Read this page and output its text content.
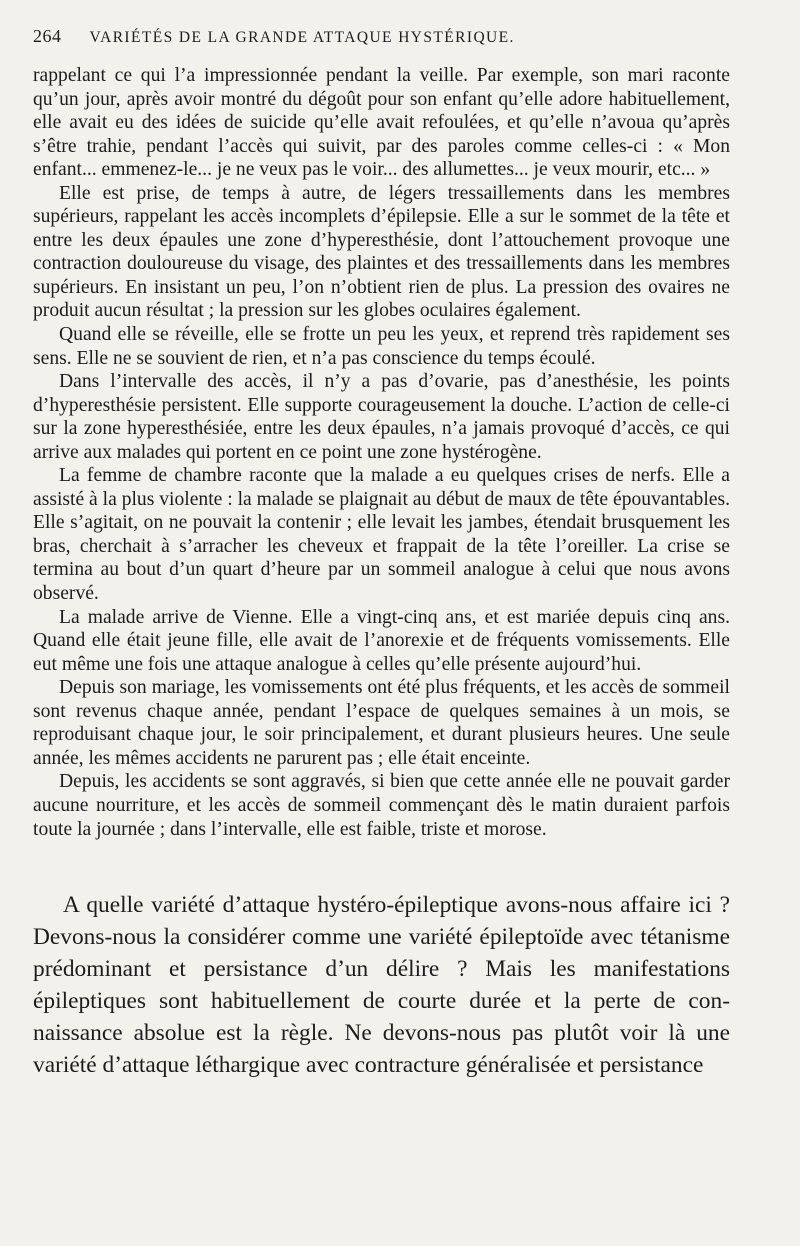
264 VARIÉTÉS DE LA GRANDE ATTAQUE HYSTÉRIQUE.

rappelant ce qui l’a impressionnée pendant la veille. Par exemple, son mari raconte qu’un jour, après avoir montré du dégoût pour son enfant qu’elle adore habituellement, elle avait eu des idées de suicide qu’elle avait refoulées, et qu’elle n’avoua qu’après s’être trahie, pendant l’accès qui suivit, par des paroles comme celles-ci : « Mon enfant... emmenez-le... je ne veux pas le voir... des allumettes... je veux mourir, etc... »

Elle est prise, de temps à autre, de légers tressaillements dans les membres supérieurs, rappelant les accès incomplets d’épilepsie. Elle a sur le sommet de la tête et entre les deux épaules une zone d’hyperesthésie, dont l’attouchement provoque une contraction douloureuse du visage, des plaintes et des tressaillements dans les membres supérieurs. En insistant un peu, l’on n’obtient rien de plus. La pression des ovaires ne produit aucun résultat ; la pression sur les globes oculaires également.

Quand elle se réveille, elle se frotte un peu les yeux, et reprend très rapidement ses sens. Elle ne se souvient de rien, et n’a pas conscience du temps écoulé.

Dans l’intervalle des accès, il n’y a pas d’ovarie, pas d’anesthésie, les points d’hyperesthésie persistent. Elle supporte courageusement la douche. L’action de celle-ci sur la zone hyperesthésiée, entre les deux épaules, n’a jamais provoqué d’accès, ce qui arrive aux malades qui portent en ce point une zone hystérogène.

La femme de chambre raconte que la malade a eu quelques crises de nerfs. Elle a assisté à la plus violente : la malade se plaignait au début de maux de tête épouvantables. Elle s’agitait, on ne pouvait la contenir ; elle levait les jambes, étendait brusquement les bras, cherchait à s’arracher les cheveux et frappait de la tête l’oreiller. La crise se termina au bout d’un quart d’heure par un sommeil analogue à celui que nous avons observé.

La malade arrive de Vienne. Elle a vingt-cinq ans, et est mariée depuis cinq ans. Quand elle était jeune fille, elle avait de l’anorexie et de fréquents vomissements. Elle eut même une fois une attaque analogue à celles qu’elle présente aujourd’hui.

Depuis son mariage, les vomissements ont été plus fréquents, et les accès de sommeil sont revenus chaque année, pendant l’espace de quelques semaines à un mois, se reproduisant chaque jour, le soir principalement, et durant plusieurs heures. Une seule année, les mêmes accidents ne parurent pas ; elle était enceinte.

Depuis, les accidents se sont aggravés, si bien que cette année elle ne pouvait garder aucune nourriture, et les accès de sommeil commençant dès le matin duraient parfois toute la journée ; dans l’intervalle, elle est faible, triste et morose.

A quelle variété d’attaque hystéro-épileptique avons-nous affaire ici ? Devons-nous la considérer comme une variété épileptoïde avec tétanisme prédominant et persistance d’un délire ? Mais les manifestations épileptiques sont habituellement de courte durée et la perte de connaissance absolue est la règle. Ne devons-nous pas plutôt voir là une variété d’attaque léthargique avec contracture généralisée et persistance
